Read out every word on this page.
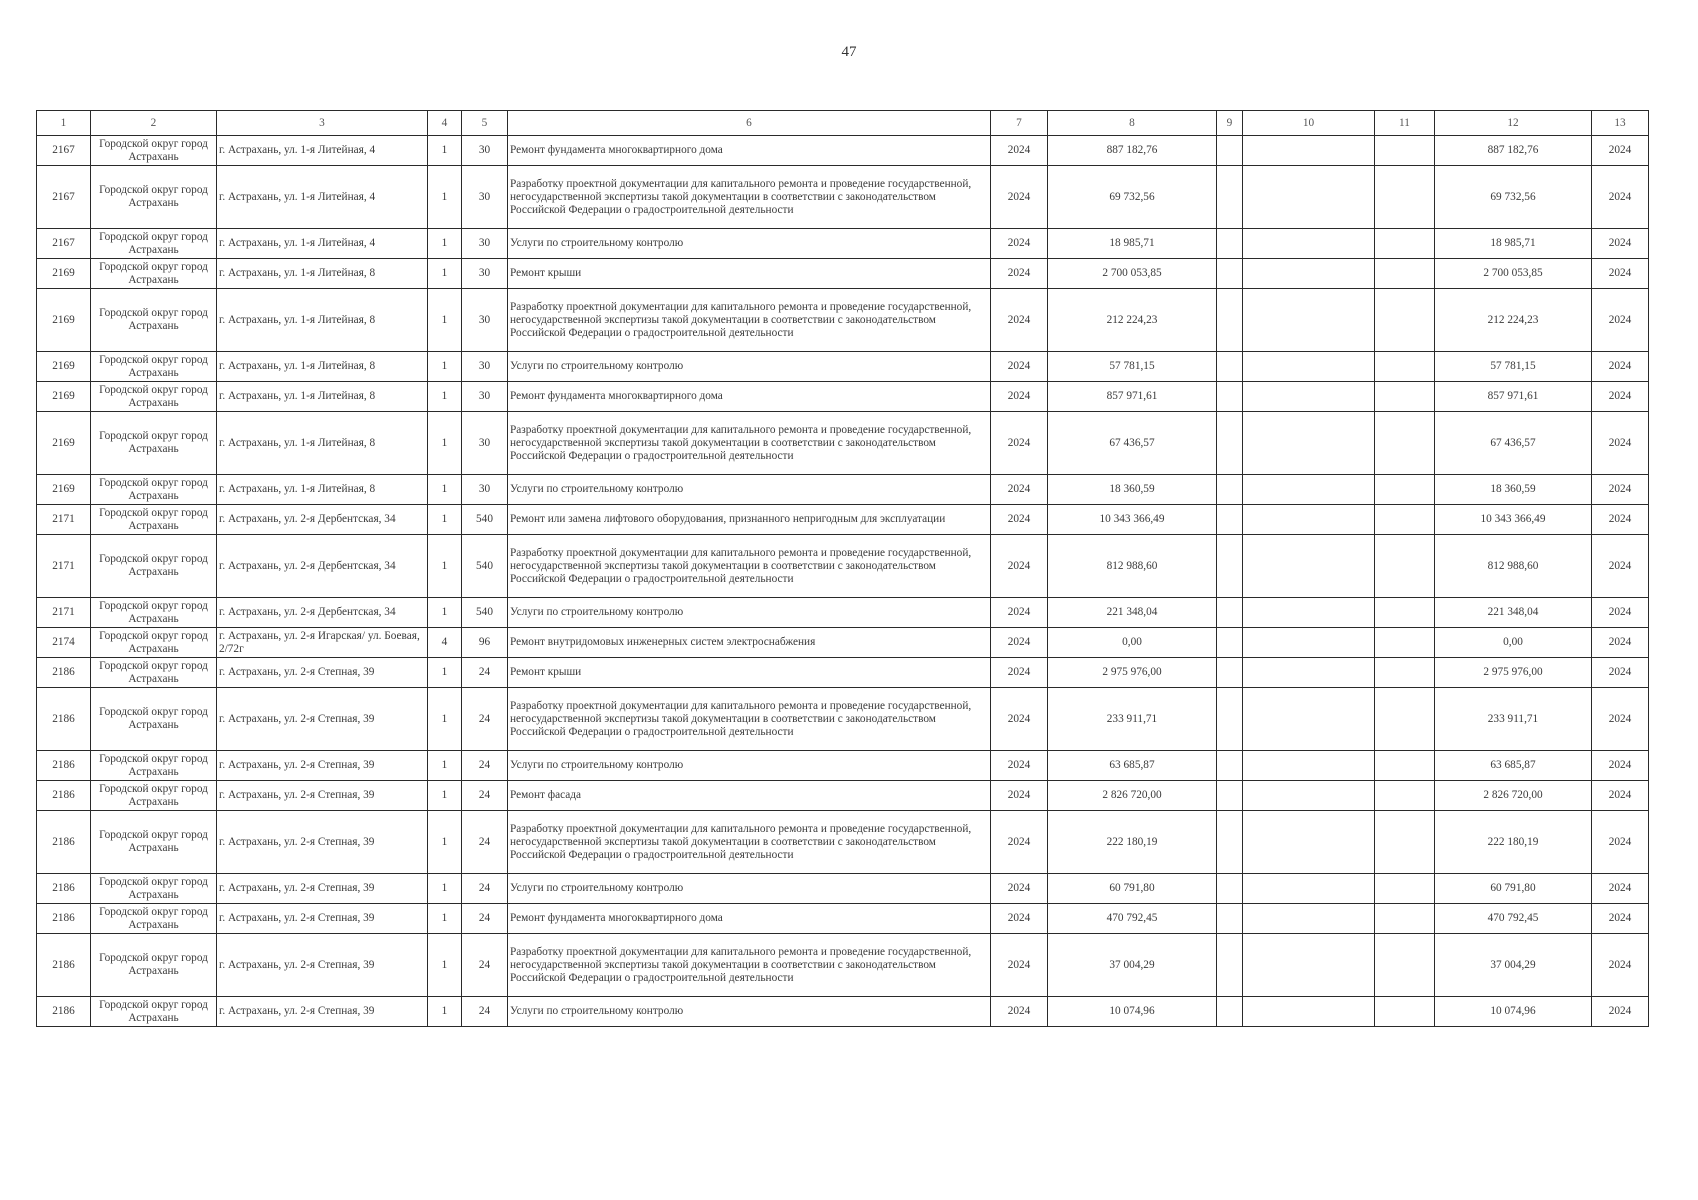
47
1	2	3	4	5	6	7	8	9	10	11	12	13
2167	Городской округ город Астрахань	г. Астрахань, ул. 1-я Литейная, 4	1	30	Ремонт фундамента многоквартирного дома	2024	887 182,76				887 182,76	2024
2167	Городской округ город Астрахань	г. Астрахань, ул. 1-я Литейная, 4	1	30	Разработку проектной документации для капитального ремонта и проведение государственной, негосударственной экспертизы такой документации в соответствии с законодательством Российской Федерации о градостроительной деятельности	2024	69 732,56				69 732,56	2024
2167	Городской округ город Астрахань	г. Астрахань, ул. 1-я Литейная, 4	1	30	Услуги по строительному контролю	2024	18 985,71				18 985,71	2024
2169	Городской округ город Астрахань	г. Астрахань, ул. 1-я Литейная, 8	1	30	Ремонт крыши	2024	2 700 053,85				2 700 053,85	2024
2169	Городской округ город Астрахань	г. Астрахань, ул. 1-я Литейная, 8	1	30	Разработку проектной документации для капитального ремонта и проведение государственной, негосударственной экспертизы такой документации в соответствии с законодательством Российской Федерации о градостроительной деятельности	2024	212 224,23				212 224,23	2024
2169	Городской округ город Астрахань	г. Астрахань, ул. 1-я Литейная, 8	1	30	Услуги по строительному контролю	2024	57 781,15				57 781,15	2024
2169	Городской округ город Астрахань	г. Астрахань, ул. 1-я Литейная, 8	1	30	Ремонт фундамента многоквартирного дома	2024	857 971,61				857 971,61	2024
2169	Городской округ город Астрахань	г. Астрахань, ул. 1-я Литейная, 8	1	30	Разработку проектной документации для капитального ремонта и проведение государственной, негосударственной экспертизы такой документации в соответствии с законодательством Российской Федерации о градостроительной деятельности	2024	67 436,57				67 436,57	2024
2169	Городской округ город Астрахань	г. Астрахань, ул. 1-я Литейная, 8	1	30	Услуги по строительному контролю	2024	18 360,59				18 360,59	2024
2171	Городской округ город Астрахань	г. Астрахань, ул. 2-я Дербентская, 34	1	540	Ремонт или замена лифтового оборудования, признанного непригодным для эксплуатации	2024	10 343 366,49				10 343 366,49	2024
2171	Городской округ город Астрахань	г. Астрахань, ул. 2-я Дербентская, 34	1	540	Разработку проектной документации для капитального ремонта и проведение государственной, негосударственной экспертизы такой документации в соответствии с законодательством Российской Федерации о градостроительной деятельности	2024	812 988,60				812 988,60	2024
2171	Городской округ город Астрахань	г. Астрахань, ул. 2-я Дербентская, 34	1	540	Услуги по строительному контролю	2024	221 348,04				221 348,04	2024
2174	Городской округ город Астрахань	г. Астрахань, ул. 2-я Игарская/ ул. Боевая, 2/72г	4	96	Ремонт внутридомовых инженерных систем электроснабжения	2024	0,00				0,00	2024
2186	Городской округ город Астрахань	г. Астрахань, ул. 2-я Степная, 39	1	24	Ремонт крыши	2024	2 975 976,00				2 975 976,00	2024
2186	Городской округ город Астрахань	г. Астрахань, ул. 2-я Степная, 39	1	24	Разработку проектной документации для капитального ремонта и проведение государственной, негосударственной экспертизы такой документации в соответствии с законодательством Российской Федерации о градостроительной деятельности	2024	233 911,71				233 911,71	2024
2186	Городской округ город Астрахань	г. Астрахань, ул. 2-я Степная, 39	1	24	Услуги по строительному контролю	2024	63 685,87				63 685,87	2024
2186	Городской округ город Астрахань	г. Астрахань, ул. 2-я Степная, 39	1	24	Ремонт фасада	2024	2 826 720,00				2 826 720,00	2024
2186	Городской округ город Астрахань	г. Астрахань, ул. 2-я Степная, 39	1	24	Разработку проектной документации для капитального ремонта и проведение государственной, негосударственной экспертизы такой документации в соответствии с законодательством Российской Федерации о градостроительной деятельности	2024	222 180,19				222 180,19	2024
2186	Городской округ город Астрахань	г. Астрахань, ул. 2-я Степная, 39	1	24	Услуги по строительному контролю	2024	60 791,80				60 791,80	2024
2186	Городской округ город Астрахань	г. Астрахань, ул. 2-я Степная, 39	1	24	Ремонт фундамента многоквартирного дома	2024	470 792,45				470 792,45	2024
2186	Городской округ город Астрахань	г. Астрахань, ул. 2-я Степная, 39	1	24	Разработку проектной документации для капитального ремонта и проведение государственной, негосударственной экспертизы такой документации в соответствии с законодательством Российской Федерации о градостроительной деятельности	2024	37 004,29				37 004,29	2024
2186	Городской округ город Астрахань	г. Астрахань, ул. 2-я Степная, 39	1	24	Услуги по строительному контролю	2024	10 074,96				10 074,96	2024
